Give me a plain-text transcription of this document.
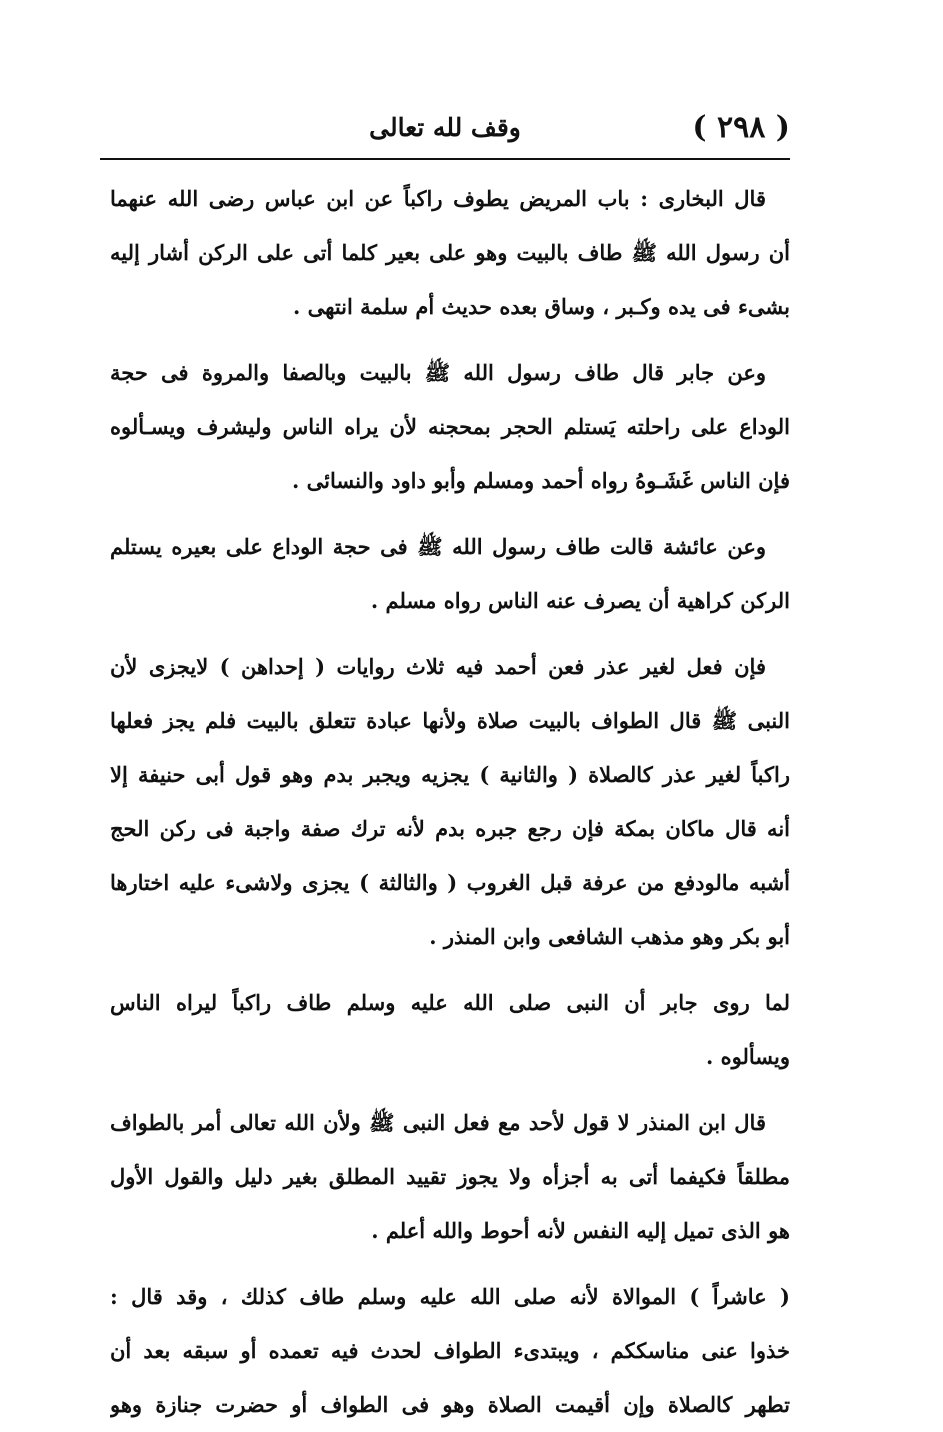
( ٢٩٨ )
وقف لله تعالى
قال البخارى : باب المريض يطوف راكباً عن ابن عباس رضى الله عنهما
أن رسول الله ﷺ طاف بالبيت وهو على بعير كلما أتى على الركن أشار إليه
بشىء فى يده وكـبر ، وساق بعده حديث أم سلمة انتهى .
وعن جابر قال طاف رسول الله ﷺ بالبيت وبالصفا والمروة فى حجة
الوداع على راحلته يَستلم الحجر بمحجنه لأن يراه الناس وليشرف ويسـألوه
فإن الناس غَشَـوهُ رواه أحمد ومسلم وأبو داود والنسائى .
وعن عائشة قالت طاف رسول الله ﷺ فى حجة الوداع على بعيره يستلم
الركن كراهية أن يصرف عنه الناس رواه مسلم .
فإن فعل لغير عذر فعن أحمد فيه ثلاث روايات ( إحداهن ) لايجزى لأن
النبى ﷺ قال الطواف بالبيت صلاة ولأنها عبادة تتعلق بالبيت فلم يجز فعلها
راكباً لغير عذر كالصلاة ( والثانية ) يجزيه ويجبر بدم وهو قول أبى حنيفة إلا
أنه قال ماكان بمكة فإن رجع جبره بدم لأنه ترك صفة واجبة فى ركن الحج
أشبه مالودفع من عرفة قبل الغروب ( والثالثة ) يجزى ولاشىء عليه اختارها
أبو بكر وهو مذهب الشافعى وابن المنذر .
لما روى جابر أن النبى صلى الله عليه وسلم طاف راكباً ليراه الناس
ويسألوه .
قال ابن المنذر لا قول لأحد مع فعل النبى ﷺ ولأن الله تعالى أمر بالطواف
مطلقاً فكيفما أتى به أجزأه ولا يجوز تقييد المطلق بغير دليل والقول الأول
هو الذى تميل إليه النفس لأنه أحوط والله أعلم .
( عاشراً ) الموالاة لأنه صلى الله عليه وسلم طاف كذلك ، وقد قال :
خذوا عنى مناسككم ، ويبتدىء الطواف لحدث فيه تعمده أو سبقه بعد أن
تطهر كالصلاة وإن أقيمت الصلاة وهو فى الطواف أو حضرت جنازة وهو
